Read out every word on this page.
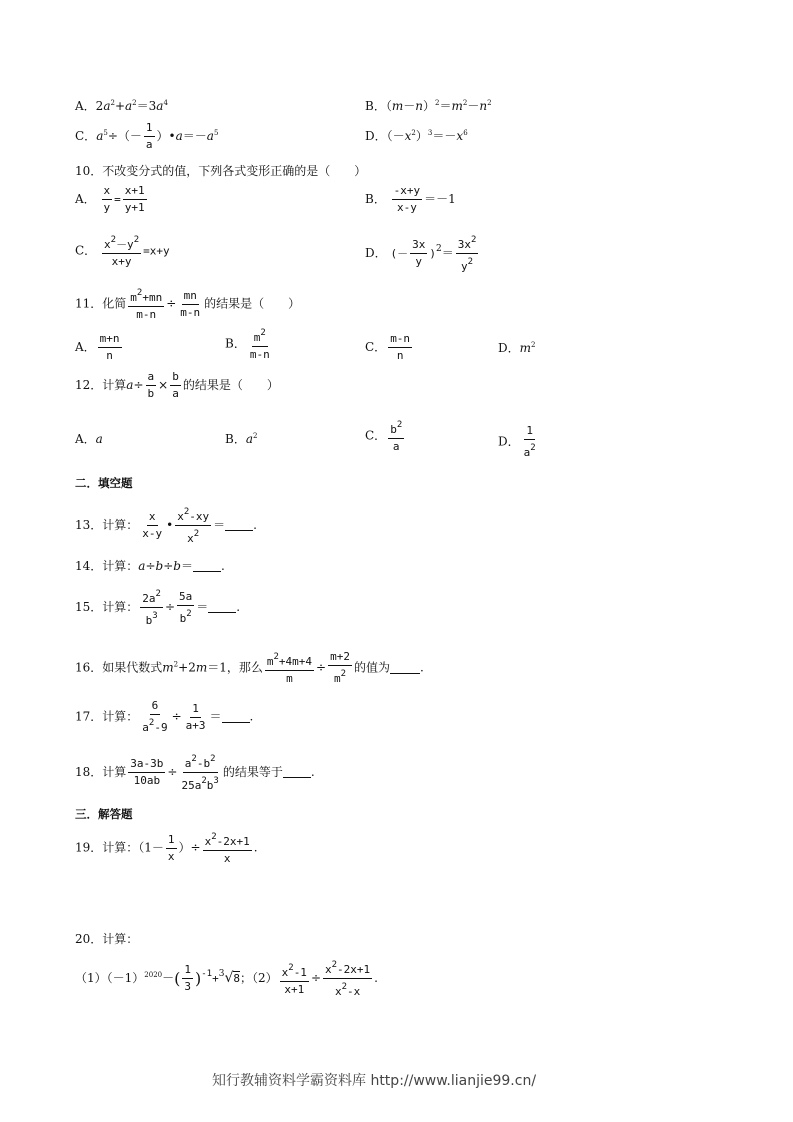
A．$2a^2+a^2=3a^4$	B．$(m-n)^2=m^2-n^2$
C．$a^5\div(- \frac{1}{a}$ ）$•a=-a^5$	D．$(-x^2)^3=-x^6$
10．不改变分式的值，下列各式变形正确的是（　　）
A． $\frac{x}{y} = \frac{x+1}{y+1}$	B． $\frac{-x+y}{x-y} =-1$
C． $\frac{x^2-y^2}{x+y} =x+y$	D． (－ $\frac{3x}{y} )^2= \frac{3x^2}{y^2}$
11．化简 $\frac{m^2+mn}{m-n} \div \frac{mn}{m-n}$ 的结果是（　　）
A． $\frac{m+n}{n}$	B． $\frac{m^2}{m-n}$	C． $\frac{m-n}{n}$	D．$m^2$
12．计算$a\div \frac{a}{b} \times \frac{b}{a}$ 的结果是（　　）
A．a	B．$a^2$	C． $\frac{b^2}{a}$	D． $\frac{1}{a^2}$
二．填空题
13．计算： $\frac{x}{x-y}$ • $\frac{x^2-xy}{x^2}$ ＝ .
14．计算：a÷b÷b＝ .
15．计算： $\frac{2a^2}{b^3} \div \frac{5a}{b^2}$ ＝ .
16．如果代数式$m^2+2m=1$，那么 $\frac{m^2+4m+4}{m} \div \frac{m+2}{m^2}$ 的值为	.
17．计算： $\frac{6}{a^2-9} \div \frac{1}{a+3}$ ＝ .
18．计算 $\frac{3a-3b}{10ab} \div \frac{a^2-b^2}{25a^2b^3}$ 的结果等于 .
三．解答题
19．计算：（$1- \frac{1}{x}$ ）÷ $\frac{x^2-2x+1}{x}$ .
20．计算：
$(1)(-1)^{2020}-( \frac{1}{3} )^{-1}+^3√8$；$(2) \frac{x^2-1}{x+1} \div \frac{x^2-2x+1}{x^2-x}$ .
知行教辅资料学霸资料库 http://www.lianjie99.cn/
